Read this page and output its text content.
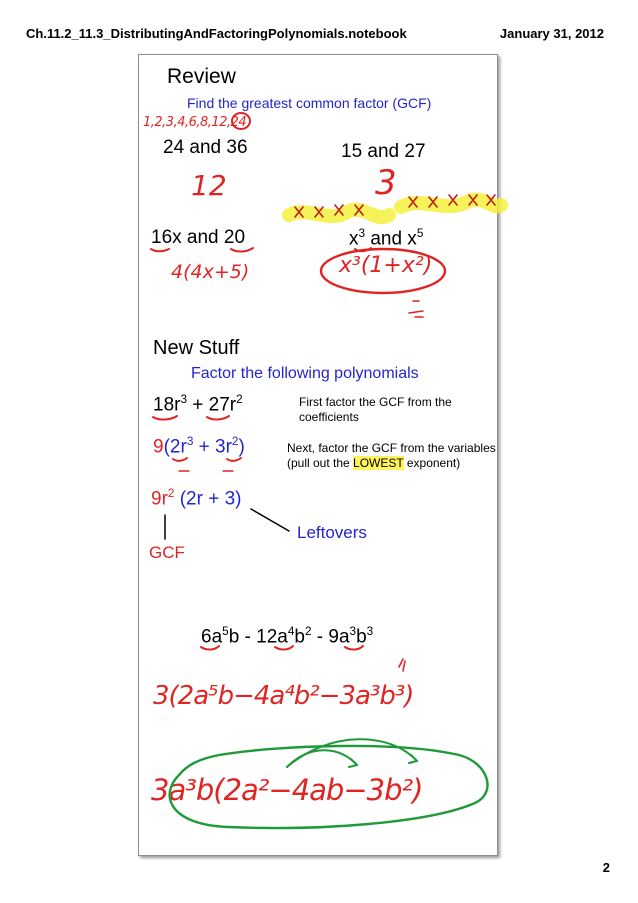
Ch.11.2_11.3_DistributingAndFactoringPolynomials.notebook	January 31, 2012
Review
Find the greatest common factor (GCF)
1,2,3,4,6,8,12,24
24 and 36	15 and 27
12	3
16x and 20	$x^3$ and $x^5$
4(4x+5)	x³(1+x²)
New Stuff
Factor the following polynomials
$18r^3 + 27r^2$	First factor the GCF from the coefficients
$9(2r^3 + 3r^2)$	Next, factor the GCF from the variables (pull out the LOWEST exponent)
$9r^2$ (2r + 3)
Leftovers
GCF
$6a^5b - 12a^4b^2 - 9a^3b^3$
3(2a⁵b−4a⁴b²−3a³b³)
3a³b(2a²−4ab−3b²)
2
